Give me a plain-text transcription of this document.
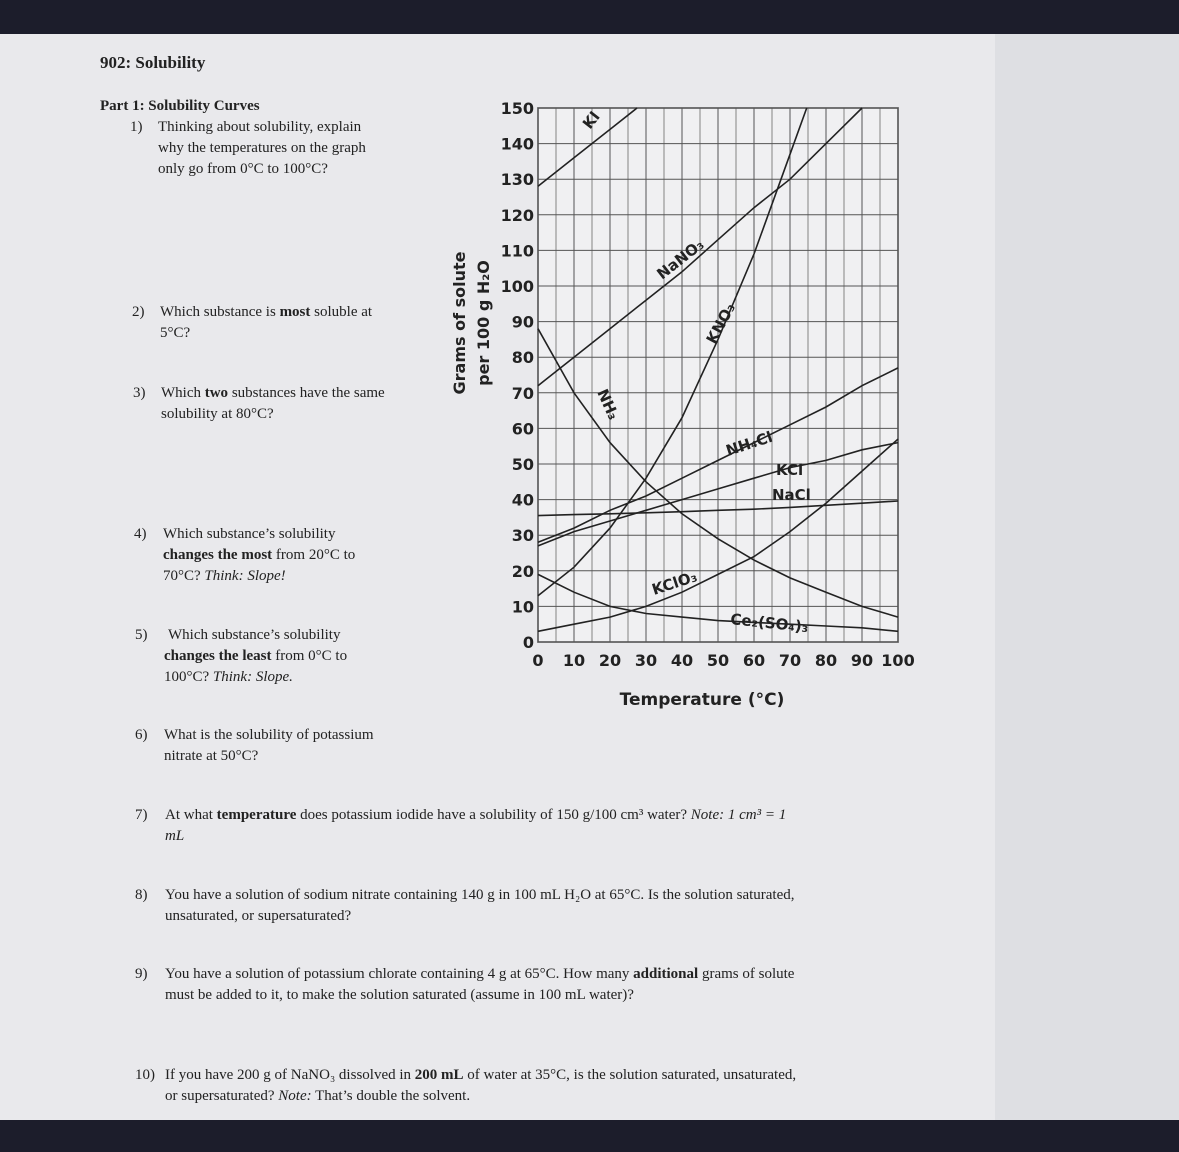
902: Solubility
Part 1: Solubility Curves
1) Thinking about solubility, explain
why the temperatures on the graph
only go from 0°C to 100°C?
2) Which substance is most soluble at
5°C?
3) Which two substances have the same
solubility at 80°C?
4) Which substance’s solubility
changes the most from 20°C to
70°C? Think: Slope!
5) Which substance’s solubility
changes the least from 0°C to
100°C? Think: Slope.
6) What is the solubility of potassium
nitrate at 50°C?
7) At what temperature does potassium iodide have a solubility of 150 g/100 cm³ water? Note: 1 cm³ = 1
mL
8) You have a solution of sodium nitrate containing 140 g in 100 mL H₂O at 65°C. Is the solution saturated,
unsaturated, or supersaturated?
9) You have a solution of potassium chlorate containing 4 g at 65°C. How many additional grams of solute
must be added to it, to make the solution saturated (assume in 100 mL water)?
10) If you have 200 g of NaNO₃ dissolved in 200 mL of water at 35°C, is the solution saturated, unsaturated,
or supersaturated? Note: That’s double the solvent.
0
10
20
30
40
50
60
70
80
90
100
110
120
130
140
150
0 10 20 30 40 50 60 70 80 90 100
Grams of solute per 100 g H₂O
Temperature (°C)
KI
NaNO₃
KNO₃
NH₃
NH₄Cl
KCl
NaCl
KClO₃
Ce₂(SO₄)₃
